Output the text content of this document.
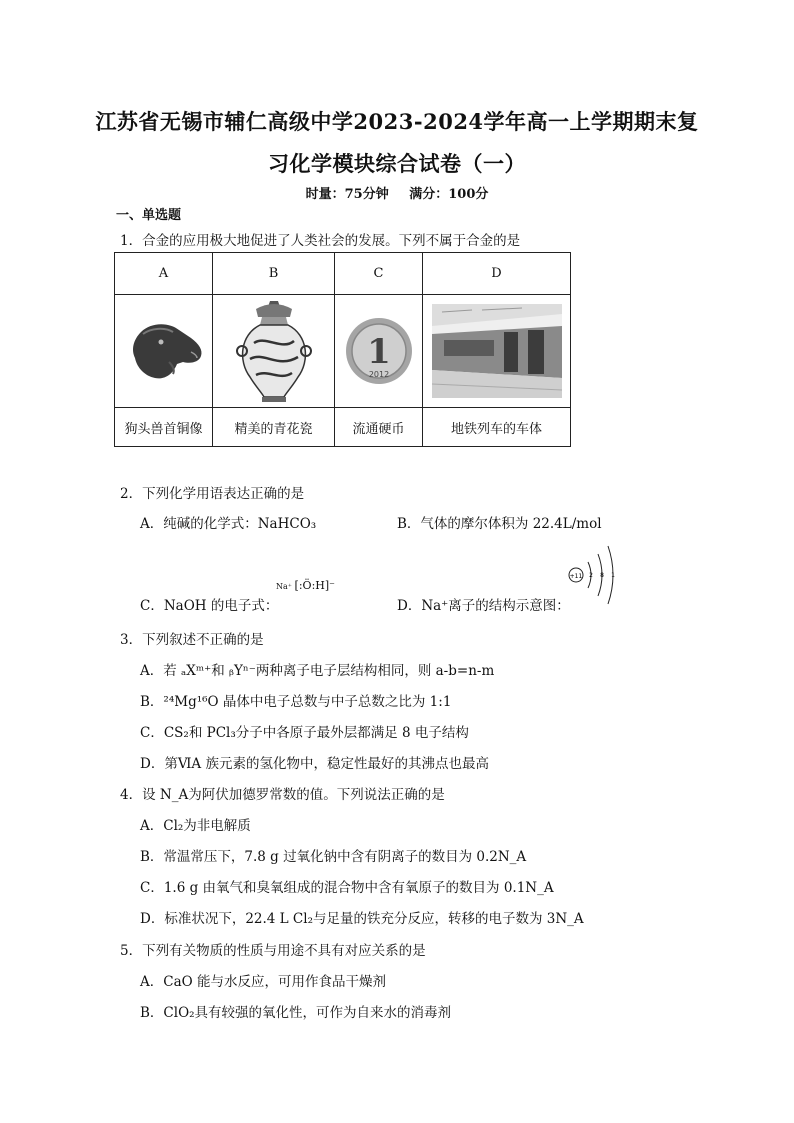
江苏省无锡市辅仁高级中学2023-2024学年高一上学期期末复
习化学模块综合试卷（一）
时量：75分钟 满分：100分
一、单选题
1．合金的应用极大地促进了人类社会的发展。下列不属于合金的是
A	B	C	D

1
2012

狗头兽首铜像	精美的青花瓷	流通硬币	地铁列车的车体
2．下列化学用语表达正确的是
A．纯碱的化学式：NaHCO₃	B．气体的摩尔体积为 22.4L/mol
C．NaOH 的电子式：
Na⁺ [:Ö:H]⁻
D．Na⁺离子的结构示意图：
+11 2 8 1
3．下列叙述不正确的是
A．若 ₐXᵐ⁺和 ᵦYⁿ⁻两种离子电子层结构相同，则 a-b=n-m
B．²⁴Mg¹⁶O 晶体中电子总数与中子总数之比为 1:1
C．CS₂和 PCl₃分子中各原子最外层都满足 8 电子结构
D．第ⅥA 族元素的氢化物中，稳定性最好的其沸点也最高
4．设 N_A为阿伏加德罗常数的值。下列说法正确的是
A．Cl₂为非电解质
B．常温常压下，7.8 g 过氧化钠中含有阴离子的数目为 0.2N_A
C．1.6 g 由氧气和臭氧组成的混合物中含有氧原子的数目为 0.1N_A
D．标准状况下，22.4 L Cl₂与足量的铁充分反应，转移的电子数为 3N_A
5．下列有关物质的性质与用途不具有对应关系的是
A．CaO 能与水反应，可用作食品干燥剂
B．ClO₂具有较强的氧化性，可作为自来水的消毒剂
